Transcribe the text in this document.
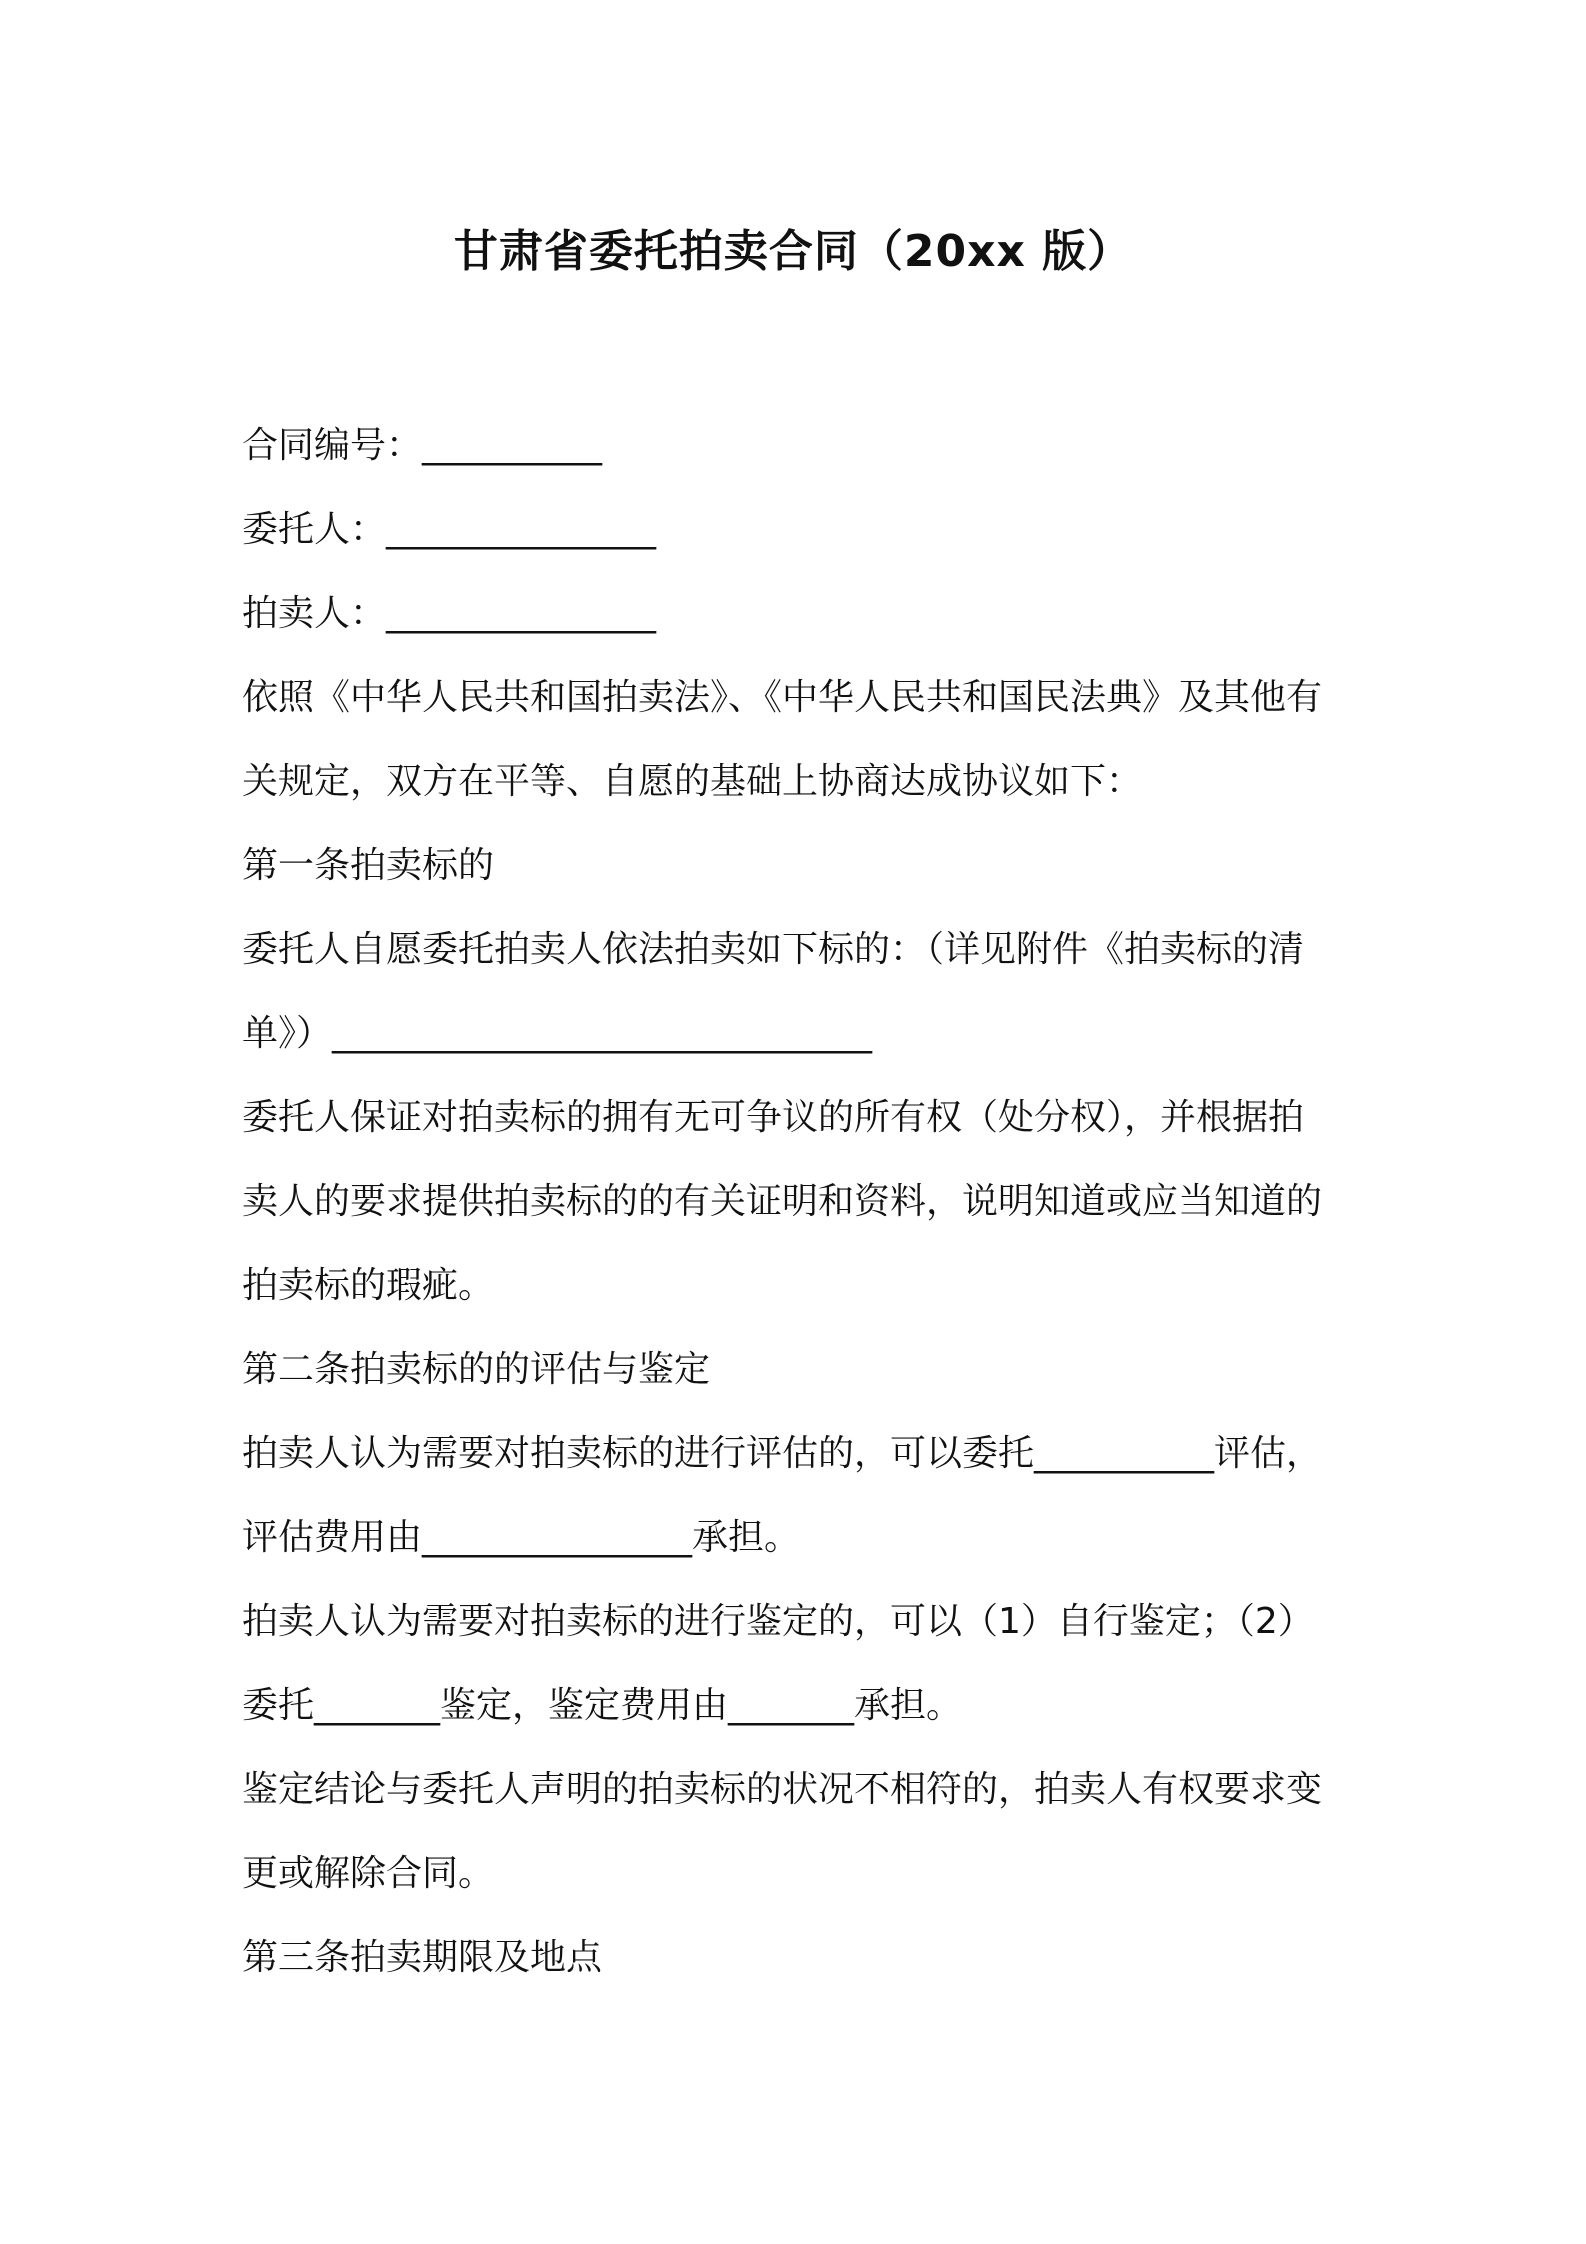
甘肃省委托拍卖合同（20xx 版）

合同编号：__________

委托人：_______________

拍卖人：_______________

依照《中华人民共和国拍卖法》、《中华人民共和国民法典》及其他有

关规定，双方在平等、自愿的基础上协商达成协议如下：

第一条拍卖标的

委托人自愿委托拍卖人依法拍卖如下标的：（详见附件《拍卖标的清

单》）______________________________

委托人保证对拍卖标的拥有无可争议的所有权（处分权），并根据拍

卖人的要求提供拍卖标的的有关证明和资料，说明知道或应当知道的

拍卖标的瑕疵。

第二条拍卖标的的评估与鉴定

拍卖人认为需要对拍卖标的进行评估的，可以委托__________评估，

评估费用由_______________承担。

拍卖人认为需要对拍卖标的进行鉴定的，可以（1）自行鉴定；（2）

委托_______鉴定，鉴定费用由_______承担。

鉴定结论与委托人声明的拍卖标的状况不相符的，拍卖人有权要求变

更或解除合同。

第三条拍卖期限及地点
